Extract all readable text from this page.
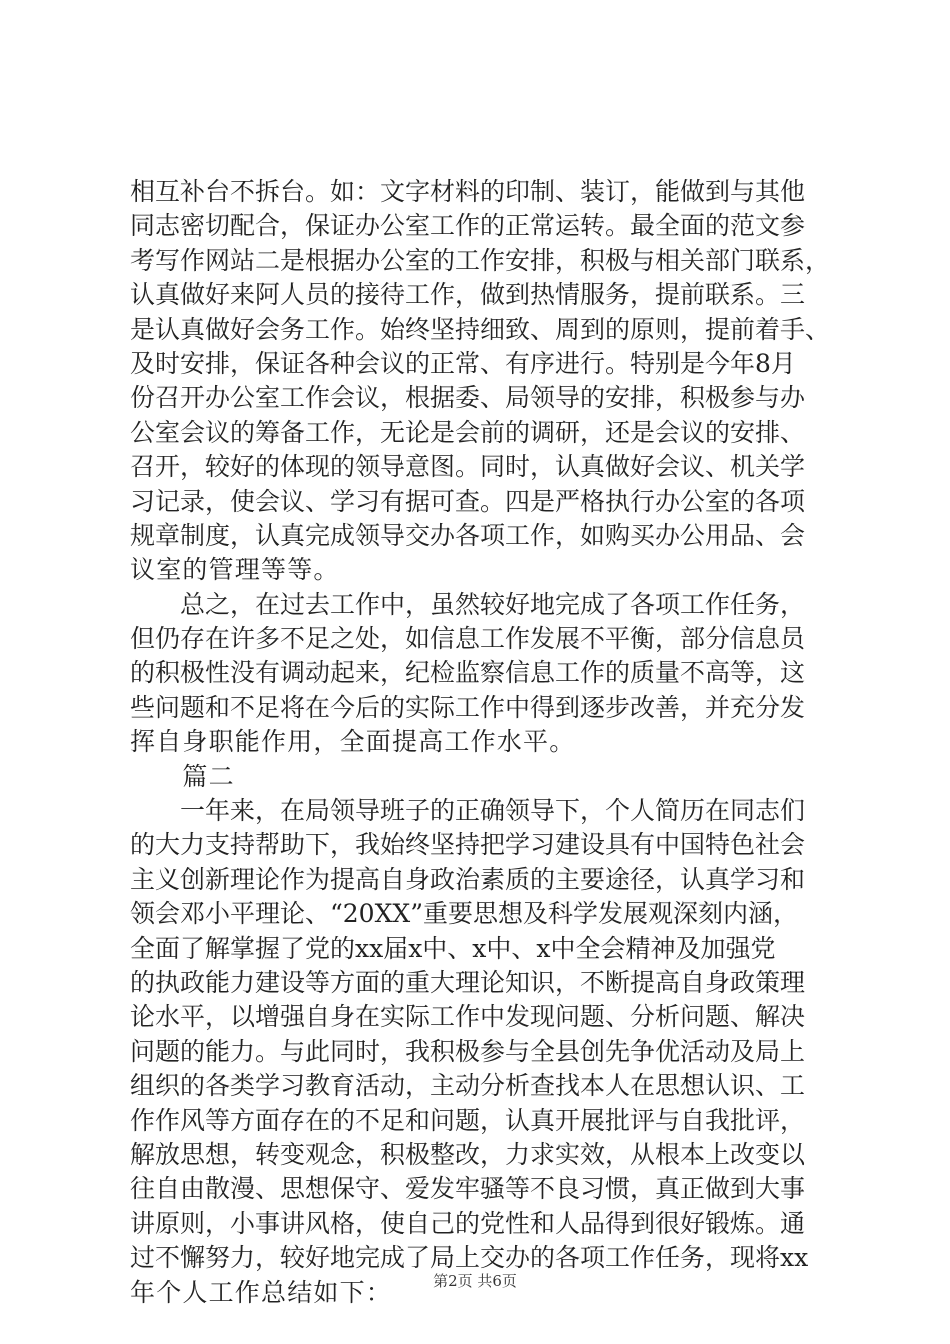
相互补台不拆台。如：文字材料的印制、装订，能做到与其他
同志密切配合，保证办公室工作的正常运转。最全面的范文参
考写作网站二是根据办公室的工作安排，积极与相关部门联系，
认真做好来阿人员的接待工作，做到热情服务，提前联系。三
是认真做好会务工作。始终坚持细致、周到的原则，提前着手、
及时安排，保证各种会议的正常、有序进行。特别是今年8月
份召开办公室工作会议，根据委、局领导的安排，积极参与办
公室会议的筹备工作，无论是会前的调研，还是会议的安排、
召开，较好的体现的领导意图。同时，认真做好会议、机关学
习记录，使会议、学习有据可查。四是严格执行办公室的各项
规章制度，认真完成领导交办各项工作，如购买办公用品、会
议室的管理等等。
　　总之，在过去工作中，虽然较好地完成了各项工作任务，
但仍存在许多不足之处，如信息工作发展不平衡，部分信息员
的积极性没有调动起来，纪检监察信息工作的质量不高等，这
些问题和不足将在今后的实际工作中得到逐步改善，并充分发
挥自身职能作用，全面提高工作水平。
　　篇二
　　一年来，在局领导班子的正确领导下，个人简历在同志们
的大力支持帮助下，我始终坚持把学习建设具有中国特色社会
主义创新理论作为提高自身政治素质的主要途径，认真学习和
领会邓小平理论、“20XX”重要思想及科学发展观深刻内涵，
全面了解掌握了党的xx届x中、x中、x中全会精神及加强党
的执政能力建设等方面的重大理论知识，不断提高自身政策理
论水平，以增强自身在实际工作中发现问题、分析问题、解决
问题的能力。与此同时，我积极参与全县创先争优活动及局上
组织的各类学习教育活动，主动分析查找本人在思想认识、工
作作风等方面存在的不足和问题，认真开展批评与自我批评，
解放思想，转变观念，积极整改，力求实效，从根本上改变以
往自由散漫、思想保守、爱发牢骚等不良习惯，真正做到大事
讲原则，小事讲风格，使自己的党性和人品得到很好锻炼。通
过不懈努力，较好地完成了局上交办的各项工作任务，现将xx
年个人工作总结如下：	第2页 共6页
